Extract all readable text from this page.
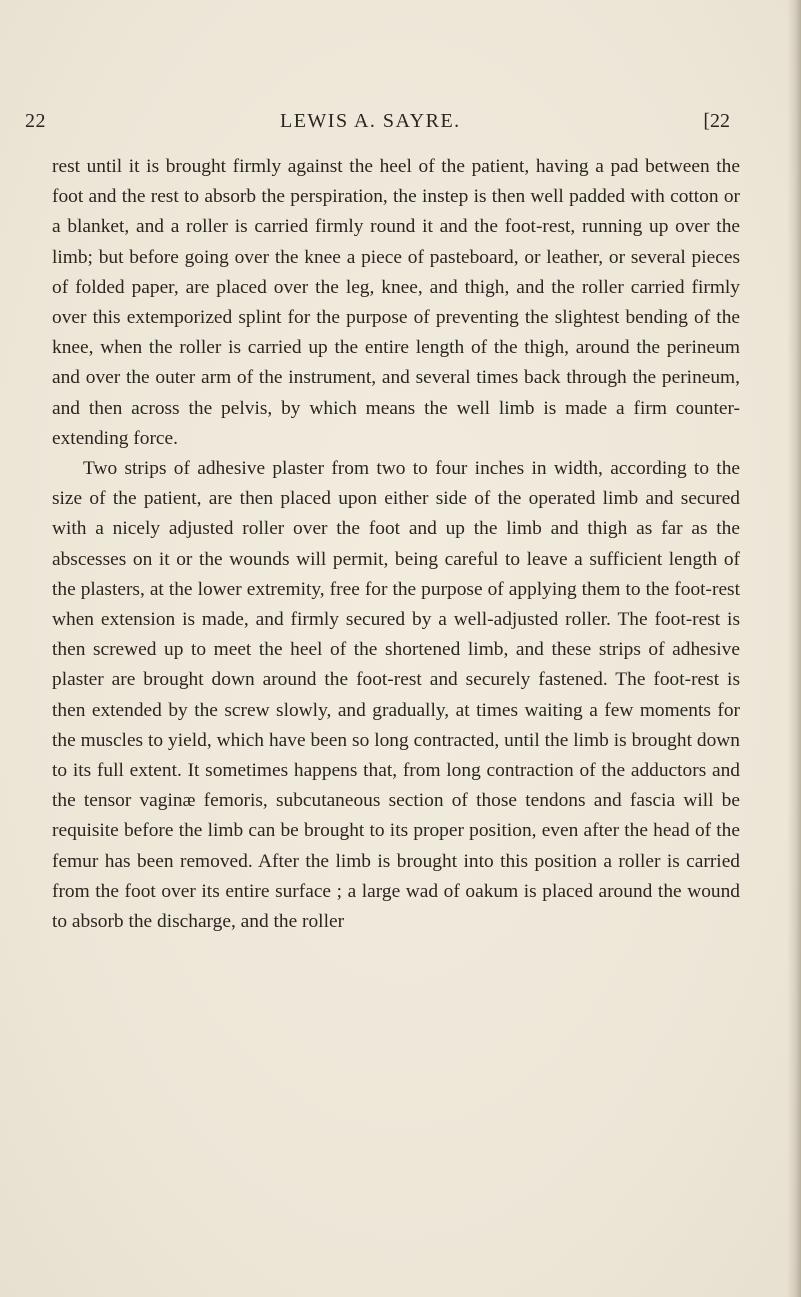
22	LEWIS A. SAYRE.	[22

rest until it is brought firmly against the heel of the patient, having a pad between the foot and the rest to absorb the perspiration, the instep is then well padded with cotton or a blanket, and a roller is carried firmly round it and the foot-rest, running up over the limb; but before going over the knee a piece of pasteboard, or leather, or several pieces of folded paper, are placed over the leg, knee, and thigh, and the roller carried firmly over this extemporized splint for the purpose of preventing the slightest bending of the knee, when the roller is carried up the entire length of the thigh, around the perineum and over the outer arm of the instrument, and several times back through the perineum, and then across the pelvis, by which means the well limb is made a firm counter-extending force.

Two strips of adhesive plaster from two to four inches in width, according to the size of the patient, are then placed upon either side of the operated limb and secured with a nicely adjusted roller over the foot and up the limb and thigh as far as the abscesses on it or the wounds will permit, being careful to leave a sufficient length of the plasters, at the lower extremity, free for the purpose of applying them to the foot-rest when extension is made, and firmly secured by a well-adjusted roller. The foot-rest is then screwed up to meet the heel of the shortened limb, and these strips of adhesive plaster are brought down around the foot-rest and securely fastened. The foot-rest is then extended by the screw slowly, and gradually, at times waiting a few moments for the muscles to yield, which have been so long contracted, until the limb is brought down to its full extent. It sometimes happens that, from long contraction of the adductors and the tensor vaginæ femoris, subcutaneous section of those tendons and fascia will be requisite before the limb can be brought to its proper position, even after the head of the femur has been removed. After the limb is brought into this position a roller is carried from the foot over its entire surface ; a large wad of oakum is placed around the wound to absorb the discharge, and the roller
